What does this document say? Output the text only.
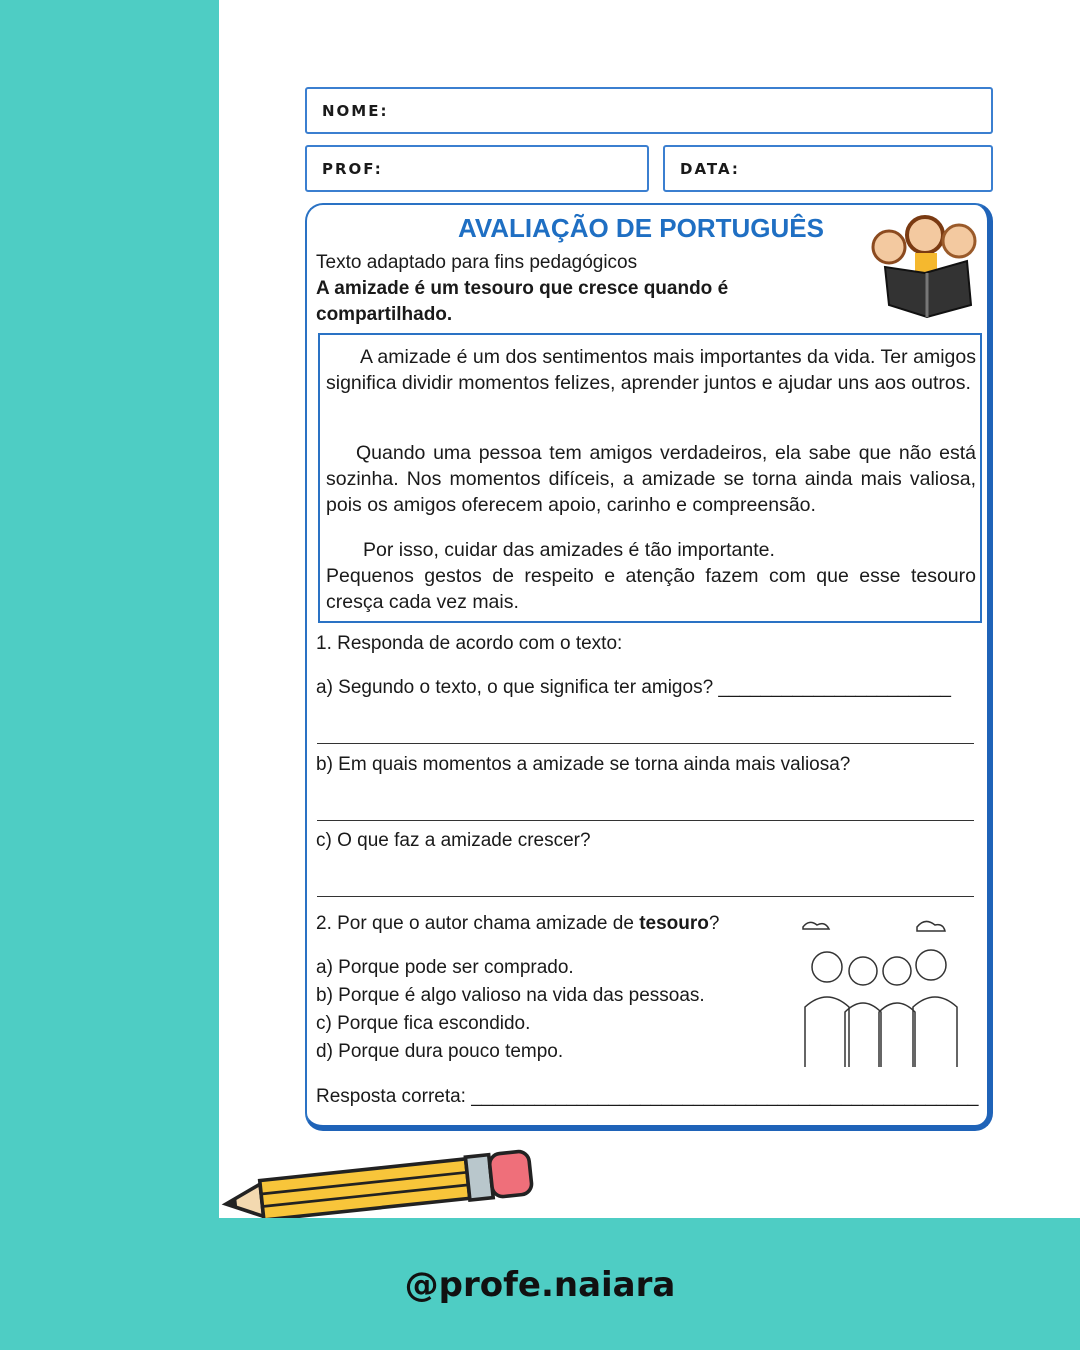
NOME:
PROF:	DATA:
AVALIAÇÃO DE PORTUGUÊS
Texto adaptado para fins pedagógicos
A amizade é um tesouro que cresce quando é compartilhado.
A amizade é um dos sentimentos mais importantes da vida. Ter amigos significa dividir momentos felizes, aprender juntos e ajudar uns aos outros.
Quando uma pessoa tem amigos verdadeiros, ela sabe que não está sozinha. Nos momentos difíceis, a amizade se torna ainda mais valiosa, pois os amigos oferecem apoio, carinho e compreensão.
Por isso, cuidar das amizades é tão importante.
Pequenos gestos de respeito e atenção fazem com que esse tesouro cresça cada vez mais.
1. Responda de acordo com o texto:
a) Segundo o texto, o que significa ter amigos? ______________________
b) Em quais momentos a amizade se torna ainda mais valiosa?
c) O que faz a amizade crescer?
2. Por que o autor chama amizade de tesouro?
a) Porque pode ser comprado.
b) Porque é algo valioso na vida das pessoas.
c) Porque fica escondido.
d) Porque dura pouco tempo.
Resposta correta: ________________________________________________
@profe.naiara
